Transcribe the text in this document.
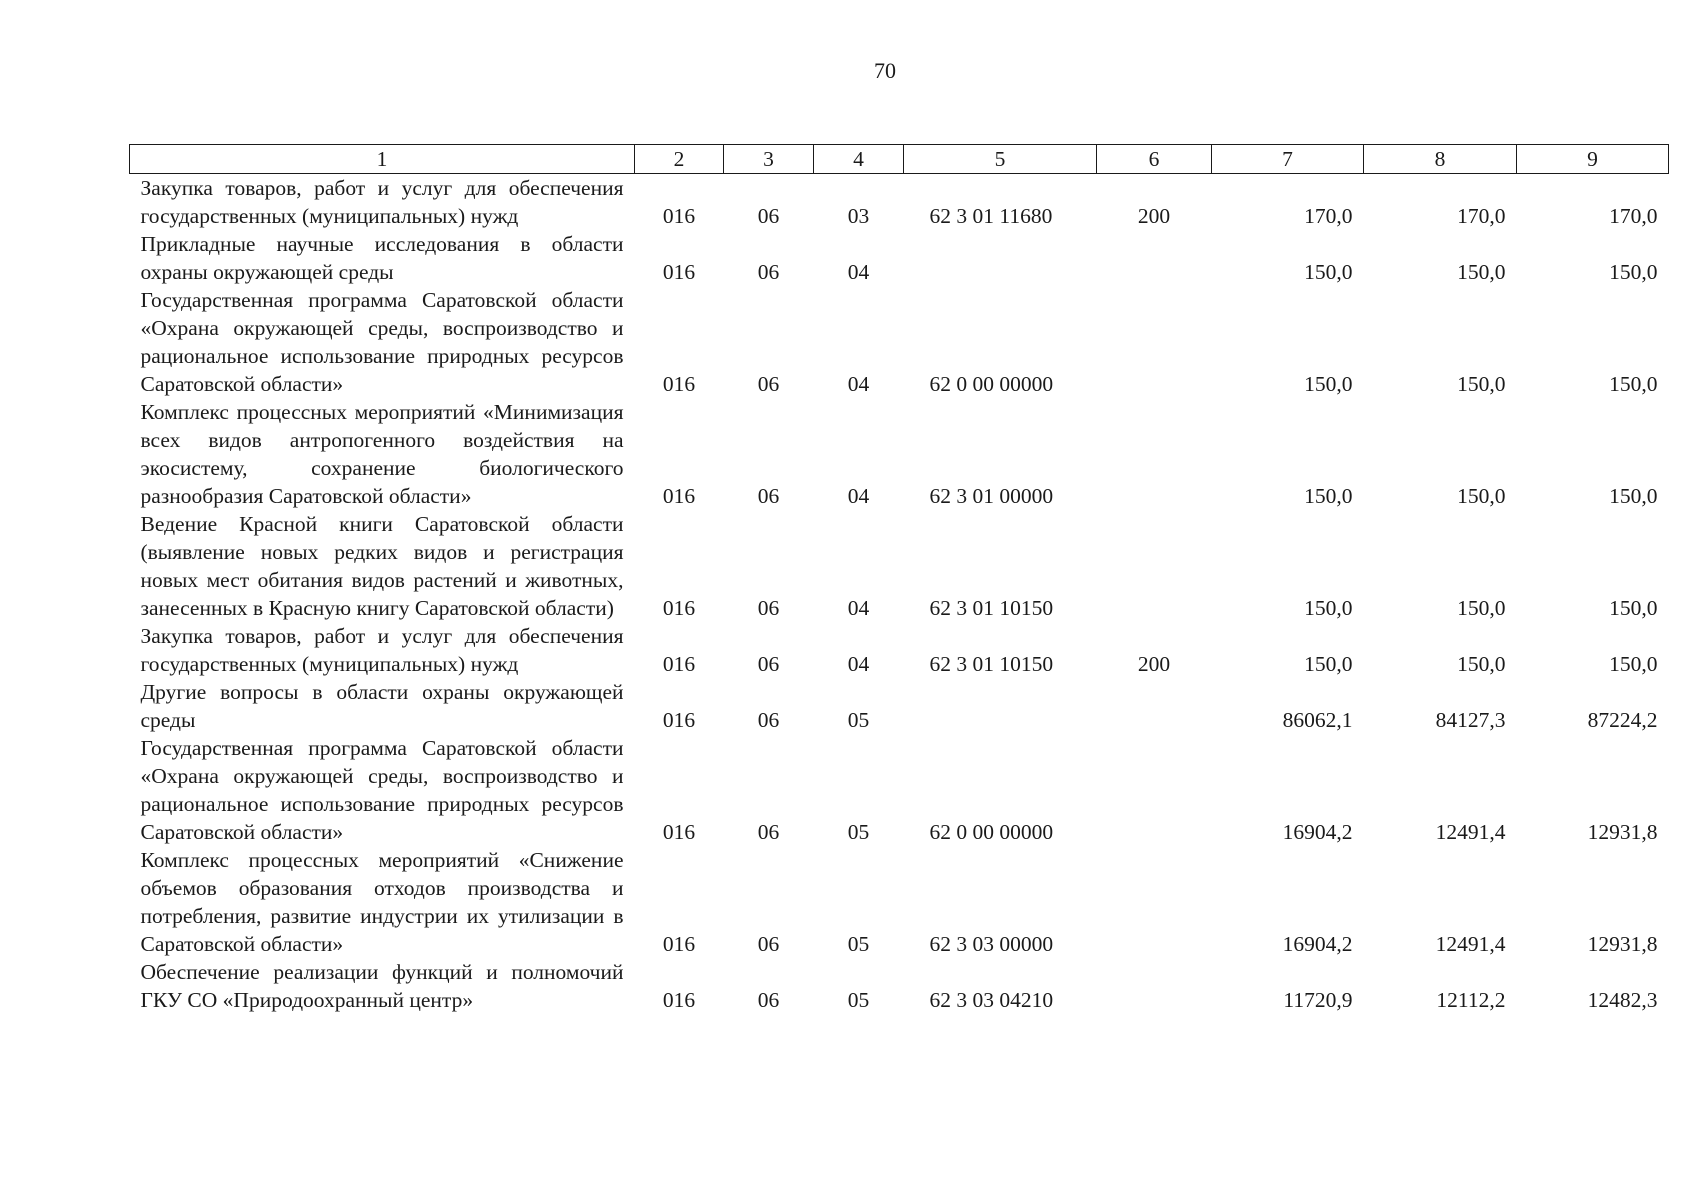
70
1	2	3	4	5	6	7	8	9
Закупка товаров, работ и услуг для обеспечения государственных (муниципальных) нужд	016	06	03	62 3 01 11680	200	170,0	170,0	170,0
Прикладные научные исследования в области охраны окружающей среды	016	06	04			150,0	150,0	150,0
Государственная программа Саратовской области «Охрана окружающей среды, воспроизводство и рациональное использование природных ресурсов Саратовской области»	016	06	04	62 0 00 00000		150,0	150,0	150,0
Комплекс процессных мероприятий «Минимизация всех видов антропогенного воздействия на экосистему, сохранение биологического разнообразия Саратовской области»	016	06	04	62 3 01 00000		150,0	150,0	150,0
Ведение Красной книги Саратовской области (выявление новых редких видов и регистрация новых мест обитания видов растений и животных, занесенных в Красную книгу Саратовской области)	016	06	04	62 3 01 10150		150,0	150,0	150,0
Закупка товаров, работ и услуг для обеспечения государственных (муниципальных) нужд	016	06	04	62 3 01 10150	200	150,0	150,0	150,0
Другие вопросы в области охраны окружающей среды	016	06	05			86062,1	84127,3	87224,2
Государственная программа Саратовской области «Охрана окружающей среды, воспроизводство и рациональное использование природных ресурсов Саратовской области»	016	06	05	62 0 00 00000		16904,2	12491,4	12931,8
Комплекс процессных мероприятий «Снижение объемов образования отходов производства и потребления, развитие индустрии их утилизации в Саратовской области»	016	06	05	62 3 03 00000		16904,2	12491,4	12931,8
Обеспечение реализации функций и полномочий ГКУ СО «Природоохранный центр»	016	06	05	62 3 03 04210		11720,9	12112,2	12482,3
